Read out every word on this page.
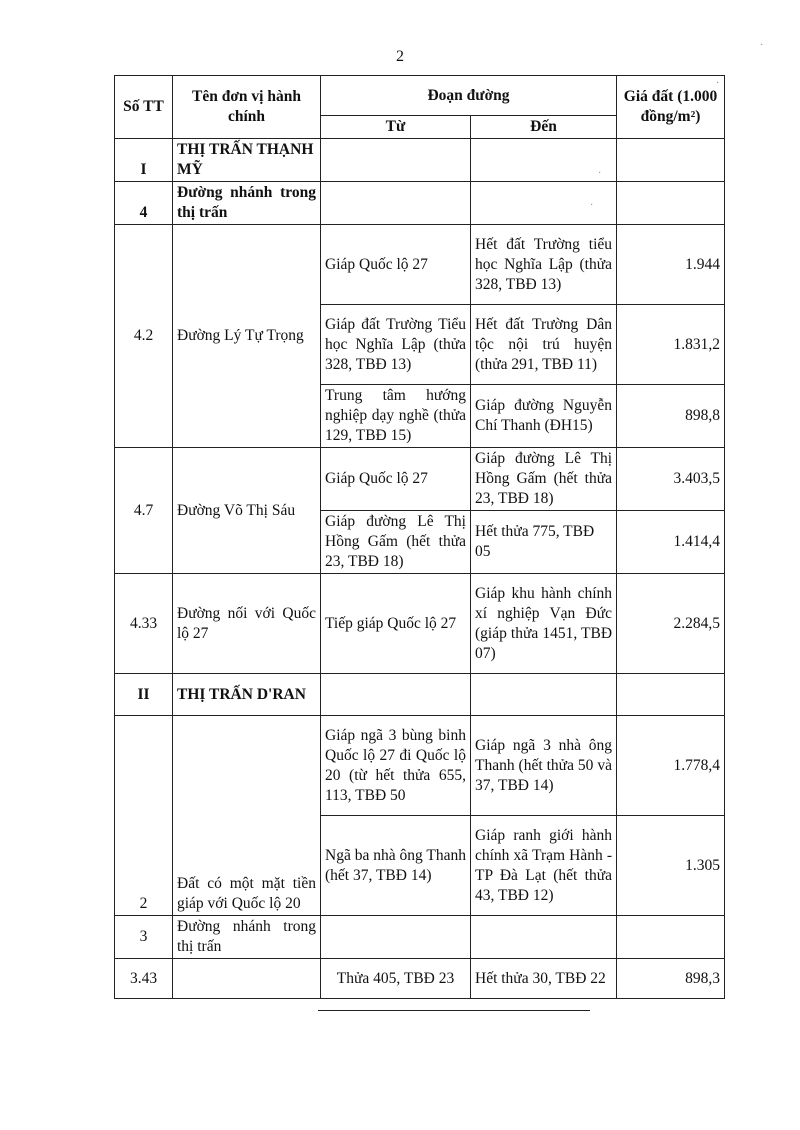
2
Số TT	Tên đơn vị hành chính	Đoạn đường		Giá đất (1.000 đồng/m²)
		Từ	Đến	
I	THỊ TRẤN THẠNH MỸ			
4	Đường nhánh trong thị trấn			
4.2	Đường Lý Tự Trọng	Giáp Quốc lộ 27	Hết đất Trường tiểu học Nghĩa Lập (thửa 328, TBĐ 13)	1.944
		Giáp đất Trường Tiểu học Nghĩa Lập (thửa 328, TBĐ 13)	Hết đất Trường Dân tộc nội trú huyện (thửa 291, TBĐ 11)	1.831,2
		Trung tâm hướng nghiệp dạy nghề (thửa 129, TBĐ 15)	Giáp đường Nguyễn Chí Thanh (ĐH15)	898,8
4.7	Đường Võ Thị Sáu	Giáp Quốc lộ 27	Giáp đường Lê Thị Hồng Gấm (hết thửa 23, TBĐ 18)	3.403,5
		Giáp đường Lê Thị Hồng Gấm (hết thửa 23, TBĐ 18)	Hết thửa 775, TBĐ 05	1.414,4
4.33	Đường nối với Quốc lộ 27	Tiếp giáp Quốc lộ 27	Giáp khu hành chính xí nghiệp Vạn Đức (giáp thửa 1451, TBĐ 07)	2.284,5
II	THỊ TRẤN D'RAN			
2	Đất có một mặt tiền giáp với Quốc lộ 20	Giáp ngã 3 bùng binh Quốc lộ 27 đi Quốc lộ 20 (từ hết thửa 655, 113, TBĐ 50	Giáp ngã 3 nhà ông Thanh (hết thửa 50 và 37, TBĐ 14)	1.778,4
		Ngã ba nhà ông Thanh (hết 37, TBĐ 14)	Giáp ranh giới hành chính xã Trạm Hành - TP Đà Lạt (hết thửa 43, TBĐ 12)	1.305
3	Đường nhánh trong thị trấn			
3.43		Thửa 405, TBĐ 23	Hết thửa 30, TBĐ 22	898,3
·
·
·
·
